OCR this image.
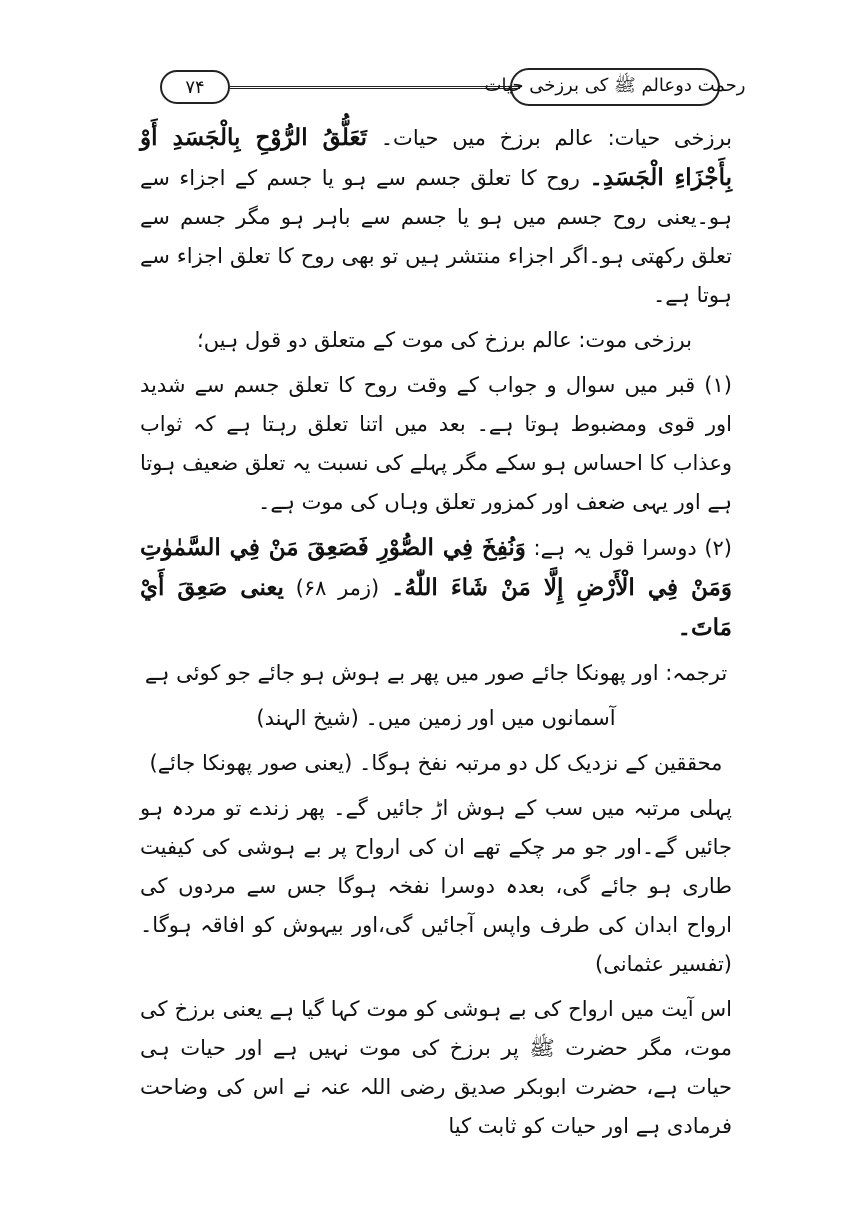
۷۴	رحمت دوعالم ﷺ کی برزخی حیات

برزخی حیات: عالم برزخ میں حیات۔ تَعَلُّقُ الرُّوْحِ بِالْجَسَدِ أَوْ بِأَجْزَاءِ الْجَسَدِ۔ روح کا تعلق جسم سے ہو یا جسم کے اجزاء سے ہو۔یعنی روح جسم میں ہو یا جسم سے باہر ہو مگر جسم سے تعلق رکھتی ہو۔اگر اجزاء منتشر ہیں تو بھی روح کا تعلق اجزاء سے ہوتا ہے۔

برزخی موت: عالم برزخ کی موت کے متعلق دو قول ہیں؛

(۱) قبر میں سوال و جواب کے وقت روح کا تعلق جسم سے شدید اور قوی ومضبوط ہوتا ہے۔ بعد میں اتنا تعلق رہتا ہے کہ ثواب وعذاب کا احساس ہو سکے مگر پہلے کی نسبت یہ تعلق ضعیف ہوتا ہے اور یہی ضعف اور کمزور تعلق وہاں کی موت ہے۔

(۲) دوسرا قول یہ ہے: وَنُفِخَ فِي الصُّوْرِ فَصَعِقَ مَنْ فِي السَّمٰوٰتِ وَمَنْ فِي الْأَرْضِ إِلَّا مَنْ شَاءَ اللّٰهُ۔ (زمر ۶۸) یعنی صَعِقَ أَيْ مَاتَ۔

ترجمہ: اور پھونکا جائے صور میں پھر بے ہوش ہو جائے جو کوئی ہے

آسمانوں میں اور زمین میں۔ (شیخ الہند)

محققین کے نزدیک کل دو مرتبہ نفخ ہوگا۔ (یعنی صور پھونکا جائے)

پہلی مرتبہ میں سب کے ہوش اڑ جائیں گے۔ پھر زندے تو مردہ ہو جائیں گے۔اور جو مر چکے تھے ان کی ارواح پر بے ہوشی کی کیفیت طاری ہو جائے گی، بعدہ دوسرا نفخہ ہوگا جس سے مردوں کی ارواح ابدان کی طرف واپس آجائیں گی،اور بیہوش کو افاقہ ہوگا۔ (تفسیر عثمانی)

اس آیت میں ارواح کی بے ہوشی کو موت کہا گیا ہے یعنی برزخ کی موت، مگر حضرت ﷺ پر برزخ کی موت نہیں ہے اور حیات ہی حیات ہے، حضرت ابوبکر صدیق رضی اللہ عنہ نے اس کی وضاحت فرمادی ہے اور حیات کو ثابت کیا
